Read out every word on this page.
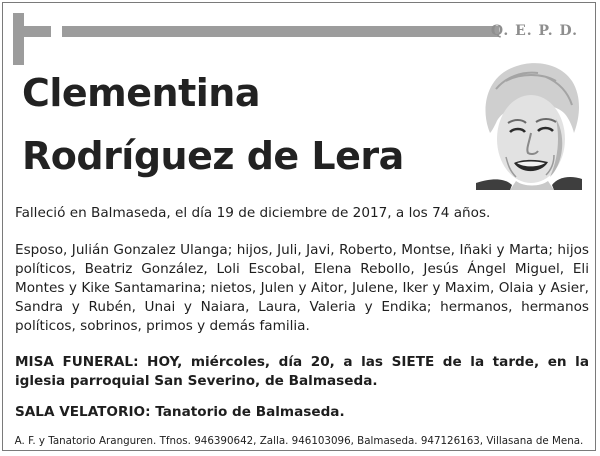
Q. E. P. D.
Clementina
Rodríguez de Lera
Falleció en Balmaseda, el día 19 de diciembre de 2017, a los 74 años.
Esposo, Julián Gonzalez Ulanga; hijos, Juli, Javi, Roberto, Montse, Iñaki y Marta; hijos políticos, Beatriz González, Loli Escobal, Elena Rebollo, Jesús Ángel Miguel, Eli Montes y Kike Santamarina; nietos, Julen y Aitor, Julene, Iker y Maxim, Olaia y Asier, Sandra y Rubén, Unai y Naiara, Laura, Valeria y Endika; hermanos, hermanos políticos, sobrinos, primos y demás familia.
MISA FUNERAL: HOY, miércoles, día 20, a las SIETE de la tarde, en la iglesia parroquial San Severino, de Balmaseda.
SALA VELATORIO: Tanatorio de Balmaseda.
A. F. y Tanatorio Aranguren. Tfnos. 946390642, Zalla. 946103096, Balmaseda. 947126163, Villasana de Mena.
